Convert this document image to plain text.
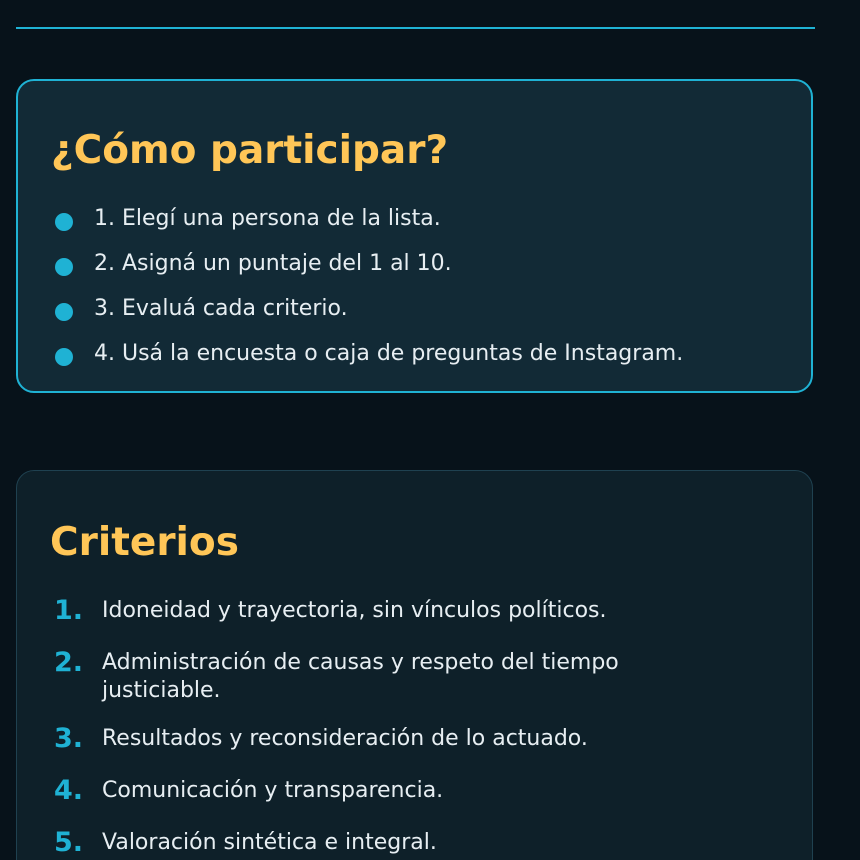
¿Cómo participar?
1. Elegí una persona de la lista.
2. Asigná un puntaje del 1 al 10.
3. Evaluá cada criterio.
4. Usá la encuesta o caja de preguntas de Instagram.
Criterios
1. Idoneidad y trayectoria, sin vínculos políticos.
2. Administración de causas y respeto del tiempo justiciable.
3. Resultados y reconsideración de lo actuado.
4. Comunicación y transparencia.
5. Valoración sintética e integral.
